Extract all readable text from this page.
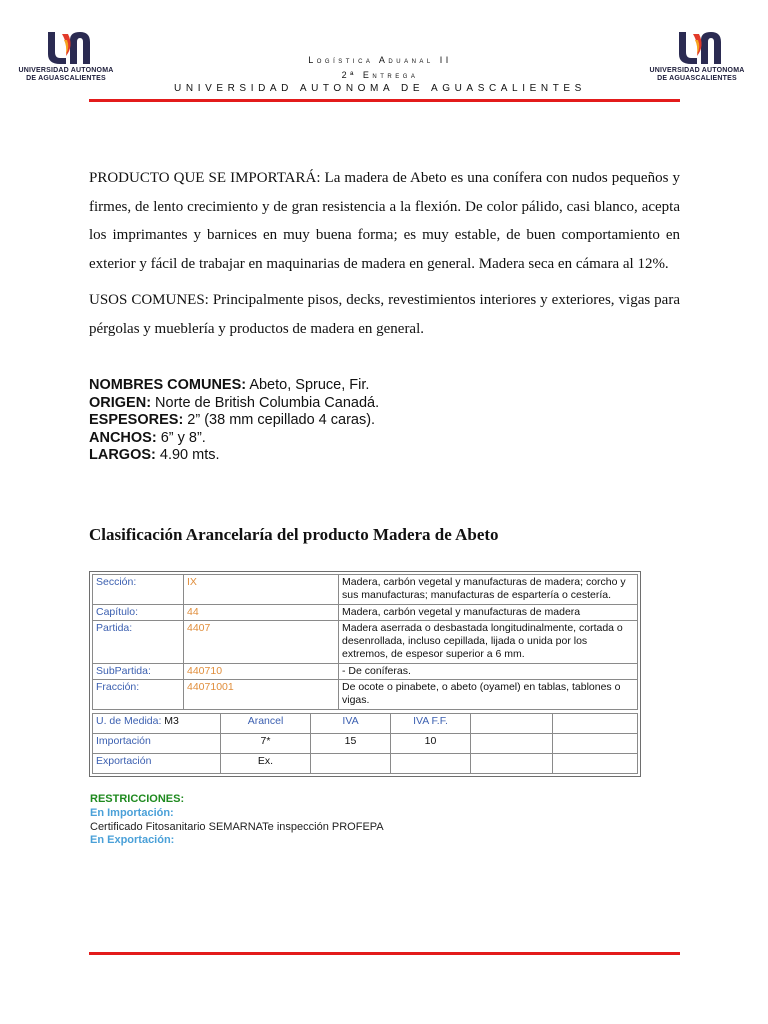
UNIVERSIDAD AUTONOMA
DE AGUASCALIENTES
UNIVERSIDAD AUTONOMA
DE AGUASCALIENTES
Logística Aduanal II
2ª Entrega
UNIVERSIDAD AUTONOMA DE AGUASCALIENTES

PRODUCTO QUE SE IMPORTARÁ: La madera de Abeto es una conífera con nudos pequeños y firmes, de lento crecimiento y de gran resistencia a la flexión. De color pálido, casi blanco, acepta los imprimantes y barnices en muy buena forma; es muy estable, de buen comportamiento en exterior y fácil de trabajar en maquinarias de madera en general. Madera seca en cámara al 12%.

USOS COMUNES: Principalmente pisos, decks, revestimientos interiores y exteriores, vigas para pérgolas y mueblería y productos de madera en general.

NOMBRES COMUNES: Abeto, Spruce, Fir.
ORIGEN: Norte de British Columbia Canadá.
ESPESORES: 2” (38 mm cepillado 4 caras).
ANCHOS: 6” y 8”.
LARGOS: 4.90 mts.
Clasificación Arancelaría del producto Madera de Abeto
Sección:	IX	Madera, carbón vegetal y manufacturas de madera; corcho y sus manufacturas; manufacturas de espartería o cestería.
Capítulo:	44	Madera, carbón vegetal y manufacturas de madera
Partida:	4407	Madera aserrada o desbastada longitudinalmente, cortada o desenrollada, incluso cepillada, lijada o unida por los extremos, de espesor superior a 6 mm.
SubPartida:	440710	- De coníferas.
Fracción:	44071001	De ocote o pinabete, o abeto (oyamel) en tablas, tablones o vigas.
U. de Medida: M3	Arancel	IVA	IVA F.F.		
Importación	7*	15	10		
Exportación	Ex.				
RESTRICCIONES:
En Importación:
Certificado Fitosanitario SEMARNATe inspección PROFEPA
En Exportación:
